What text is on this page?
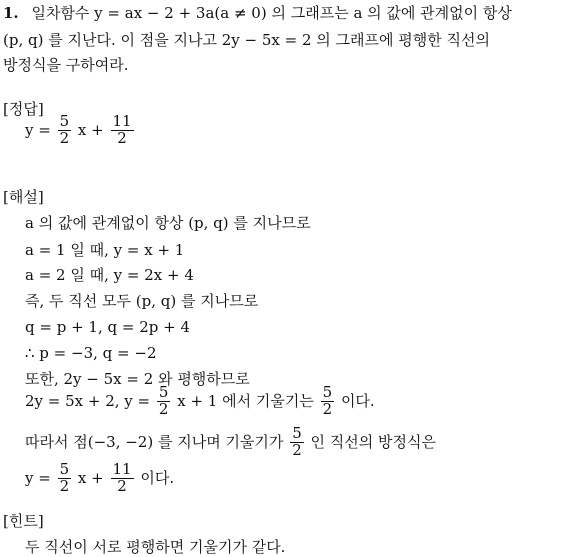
1. 일차함수 y = ax − 2 + 3a(a ≠ 0) 의 그래프는 a 의 값에 관계없이 항상
(p, q) 를 지난다. 이 점을 지나고 2y − 5x = 2 의 그래프에 평행한 직선의
방정식을 구하여라.
[정답]
$y = \frac{5}{2}$ $x + \frac{11}{2}$
[해설]
a 의 값에 관계없이 항상 (p, q) 를 지나므로
a = 1 일 때, y = x + 1
a = 2 일 때, y = 2x + 4
즉, 두 직선 모두 (p, q) 를 지나므로
q = p + 1, q = 2p + 4
∴ p = −3, q = −2
또한, 2y − 5x = 2 와 평행하므로
2y = 5x + 2, $y = \frac{5}{2}$ x + 1 에서 기울기는 $\frac{5}{2}$ 이다.
따라서 점(−3, −2) 를 지나며 기울기가 $\frac{5}{2}$ 인 직선의 방정식은
$y = \frac{5}{2}$ $x + \frac{11}{2}$ 이다.
[힌트]
두 직선이 서로 평행하면 기울기가 같다.
